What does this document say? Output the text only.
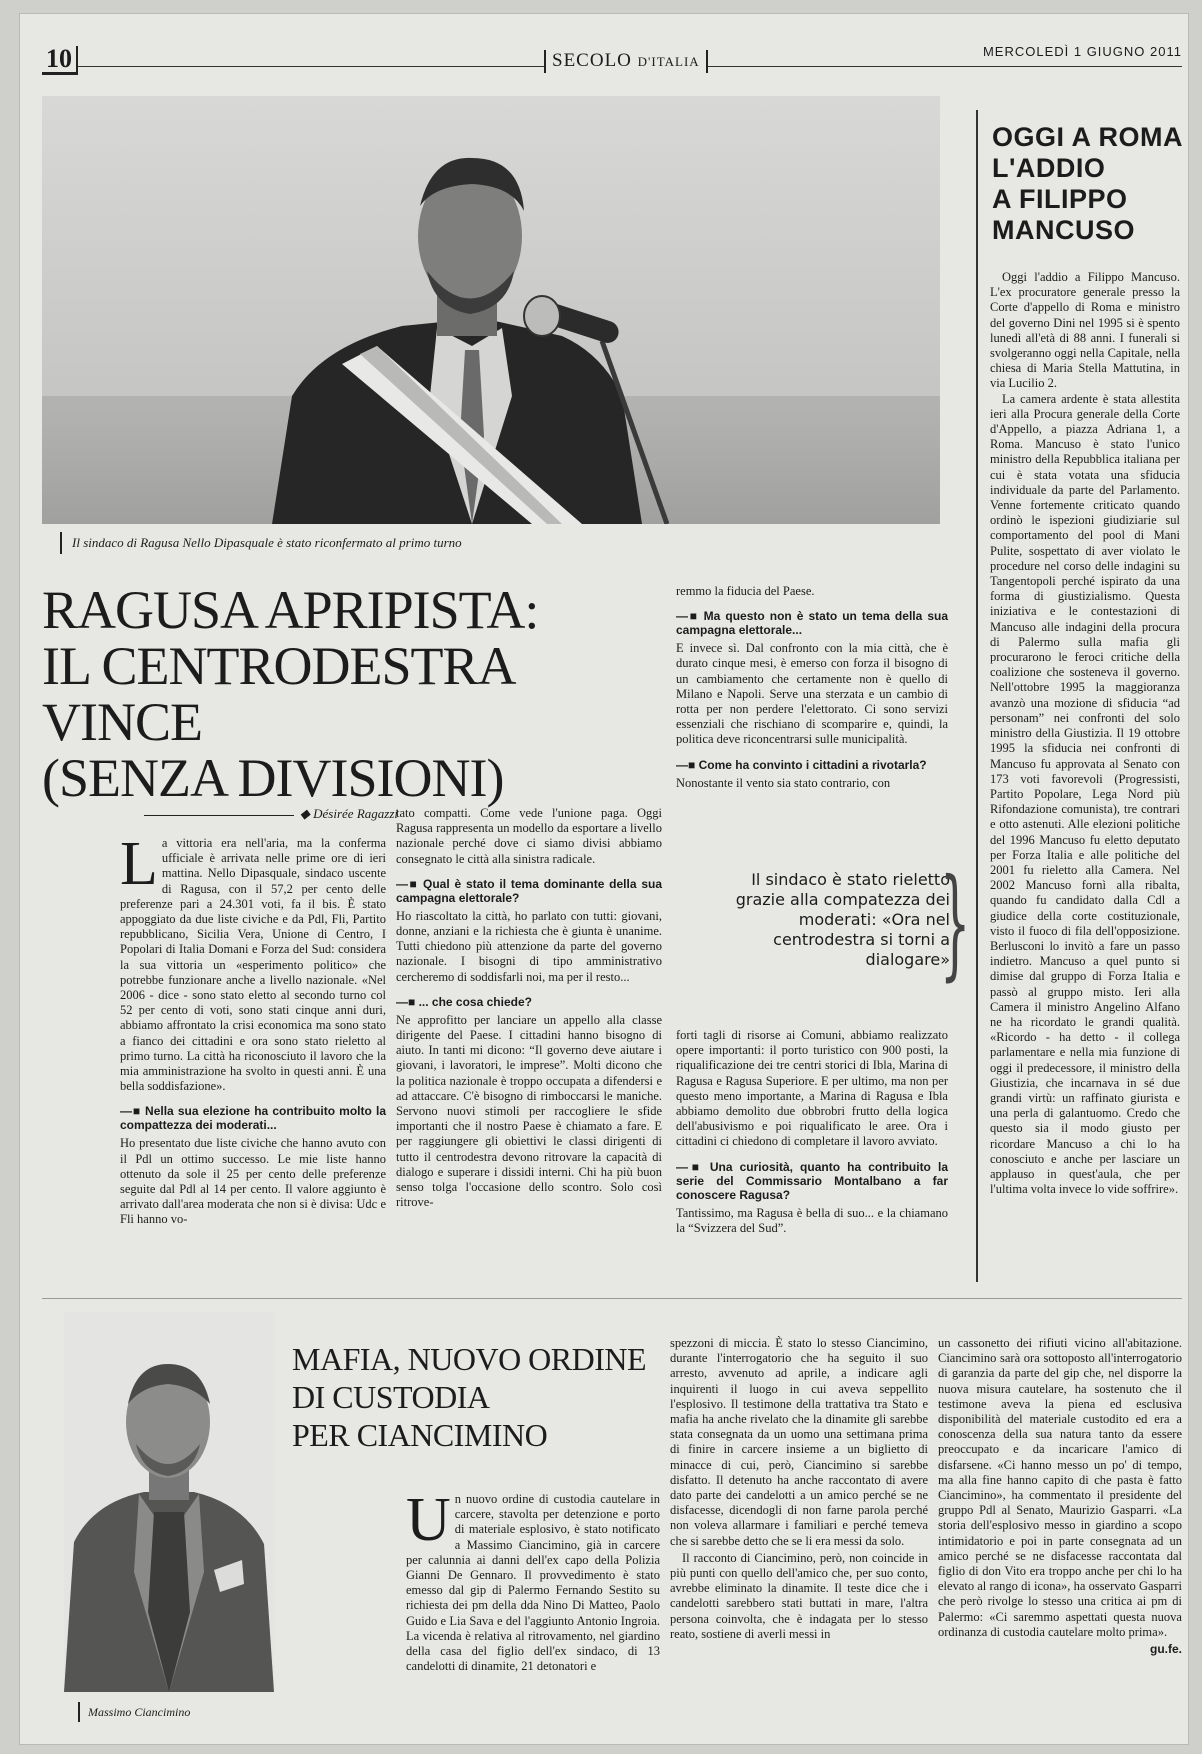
10	SECOLO D'ITALIA
MERCOLEDÌ 1 GIUGNO 2011
Il sindaco di Ragusa Nello Dipasquale è stato riconfermato al primo turno
RAGUSA APRIPISTA:
IL CENTRODESTRA VINCE
(SENZA DIVISIONI)
◆ Désirée Ragazzi

La vittoria era nell'aria, ma la conferma ufficiale è arrivata nelle prime ore di ieri mattina. Nello Dipasquale, sindaco uscente di Ragusa, con il 57,2 per cento delle preferenze pari a 24.301 voti, fa il bis. È stato appoggiato da due liste civiche e da Pdl, Fli, Partito repubblicano, Sicilia Vera, Unione di Centro, I Popolari di Italia Domani e Forza del Sud: considera la sua vittoria un «esperimento politico» che potrebbe funzionare anche a livello nazionale. «Nel 2006 - dice - sono stato eletto al secondo turno col 52 per cento di voti, sono stati cinque anni duri, abbiamo affrontato la crisi economica ma sono stato a fianco dei cittadini e ora sono stato rieletto al primo turno. La città ha riconosciuto il lavoro che la mia amministrazione ha svolto in questi anni. È una bella soddisfazione».

—■ Nella sua elezione ha contribuito molto la compattezza dei moderati...

Ho presentato due liste civiche che hanno avuto con il Pdl un ottimo successo. Le mie liste hanno ottenuto da sole il 25 per cento delle preferenze seguite dal Pdl al 14 per cento. Il valore aggiunto è arrivato dall'area moderata che non si è divisa: Udc e Fli hanno vo-

tato compatti. Come vede l'unione paga. Oggi Ragusa rappresenta un modello da esportare a livello nazionale perché dove ci siamo divisi abbiamo consegnato le città alla sinistra radicale.

—■ Qual è stato il tema dominante della sua campagna elettorale?

Ho riascoltato la città, ho parlato con tutti: giovani, donne, anziani e la richiesta che è giunta è unanime. Tutti chiedono più attenzione da parte del governo nazionale. I bisogni di tipo amministrativo cercheremo di soddisfarli noi, ma per il resto...

—■ ... che cosa chiede?

Ne approfitto per lanciare un appello alla classe dirigente del Paese. I cittadini hanno bisogno di aiuto. In tanti mi dicono: “Il governo deve aiutare i giovani, i lavoratori, le imprese”. Molti dicono che la politica nazionale è troppo occupata a difendersi e ad attaccare. C'è bisogno di rimboccarsi le maniche. Servono nuovi stimoli per raccogliere le sfide importanti che il nostro Paese è chiamato a fare. E per raggiungere gli obiettivi le classi dirigenti di tutto il centrodestra devono ritrovare la capacità di dialogo e superare i dissidi interni. Chi ha più buon senso tolga l'occasione dello scontro. Solo così ritrove-

remmo la fiducia del Paese.

—■ Ma questo non è stato un tema della sua campagna elettorale...

E invece sì. Dal confronto con la mia città, che è durato cinque mesi, è emerso con forza il bisogno di un cambiamento che certamente non è quello di Milano e Napoli. Serve una sterzata e un cambio di rotta per non perdere l'elettorato. Ci sono servizi essenziali che rischiano di scomparire e, quindi, la politica deve riconcentrarsi sulle municipalità.

—■ Come ha convinto i cittadini a rivotarla?

Nonostante il vento sia stato contrario, con

Il sindaco è stato rieletto grazie alla compatezza dei moderati: «Ora nel centrodestra si torni a dialogare»
}

forti tagli di risorse ai Comuni, abbiamo realizzato opere importanti: il porto turistico con 900 posti, la riqualificazione dei tre centri storici di Ibla, Marina di Ragusa e Ragusa Superiore. E per ultimo, ma non per questo meno importante, a Marina di Ragusa e Ibla abbiamo demolito due obbrobri frutto della logica dell'abusivismo e poi riqualificato le aree. Ora i cittadini ci chiedono di completare il lavoro avviato.

—■ Una curiosità, quanto ha contribuito la serie del Commissario Montalbano a far conoscere Ragusa?

Tantissimo, ma Ragusa è bella di suo... e la chiamano la “Svizzera del Sud”.

OGGI A ROMA
L'ADDIO
A FILIPPO
MANCUSO

Oggi l'addio a Filippo Mancuso. L'ex procuratore generale presso la Corte d'appello di Roma e ministro del governo Dini nel 1995 si è spento lunedì all'età di 88 anni. I funerali si svolgeranno oggi nella Capitale, nella chiesa di Maria Stella Mattutina, in via Lucilio 2.

La camera ardente è stata allestita ieri alla Procura generale della Corte d'Appello, a piazza Adriana 1, a Roma. Mancuso è stato l'unico ministro della Repubblica italiana per cui è stata votata una sfiducia individuale da parte del Parlamento. Venne fortemente criticato quando ordinò le ispezioni giudiziarie sul comportamento del pool di Mani Pulite, sospettato di aver violato le procedure nel corso delle indagini su Tangentopoli perché ispirato da una forma di giustizialismo. Questa iniziativa e le contestazioni di Mancuso alle indagini della procura di Palermo sulla mafia gli procurarono le feroci critiche della coalizione che sosteneva il governo. Nell'ottobre 1995 la maggioranza avanzò una mozione di sfiducia “ad personam” nei confronti del solo ministro della Giustizia. Il 19 ottobre 1995 la sfiducia nei confronti di Mancuso fu approvata al Senato con 173 voti favorevoli (Progressisti, Partito Popolare, Lega Nord più Rifondazione comunista), tre contrari e otto astenuti. Alle elezioni politiche del 1996 Mancuso fu eletto deputato per Forza Italia e alle politiche del 2001 fu rieletto alla Camera. Nel 2002 Mancuso fornì alla ribalta, quando fu candidato dalla Cdl a giudice della corte costituzionale, visto il fuoco di fila dell'opposizione. Berlusconi lo invitò a fare un passo indietro. Mancuso a quel punto si dimise dal gruppo di Forza Italia e passò al gruppo misto. Ieri alla Camera il ministro Angelino Alfano ne ha ricordato le grandi qualità. «Ricordo - ha detto - il collega parlamentare e nella mia funzione di oggi il predecessore, il ministro della Giustizia, che incarnava in sé due grandi virtù: un raffinato giurista e una perla di galantuomo. Credo che questo sia il modo giusto per ricordare Mancuso a chi lo ha conosciuto e anche per lasciare un applauso in quest'aula, che per l'ultima volta invece lo vide soffrire».

Massimo Ciancimino
MAFIA, NUOVO ORDINE
DI CUSTODIA
PER CIANCIMINO

Un nuovo ordine di custodia cautelare in carcere, stavolta per detenzione e porto di materiale esplosivo, è stato notificato a Massimo Ciancimino, già in carcere per calunnia ai danni dell'ex capo della Polizia Gianni De Gennaro. Il provvedimento è stato emesso dal gip di Palermo Fernando Sestito su richiesta dei pm della dda Nino Di Matteo, Paolo Guido e Lia Sava e del l'aggiunto Antonio Ingroia. La vicenda è relativa al ritrovamento, nel giardino della casa del figlio dell'ex sindaco, di 13 candelotti di dinamite, 21 detonatori e

spezzoni di miccia. È stato lo stesso Ciancimino, durante l'interrogatorio che ha seguito il suo arresto, avvenuto ad aprile, a indicare agli inquirenti il luogo in cui aveva seppellito l'esplosivo. Il testimone della trattativa tra Stato e mafia ha anche rivelato che la dinamite gli sarebbe stata consegnata da un uomo una settimana prima di finire in carcere insieme a un biglietto di minacce di cui, però, Ciancimino si sarebbe disfatto. Il detenuto ha anche raccontato di avere dato parte dei candelotti a un amico perché se ne disfacesse, dicendogli di non farne parola perché non voleva allarmare i familiari e perché temeva che si sarebbe detto che se li era messi da solo.

Il racconto di Ciancimino, però, non coincide in più punti con quello dell'amico che, per suo conto, avrebbe eliminato la dinamite. Il teste dice che i candelotti sarebbero stati buttati in mare, l'altra persona coinvolta, che è indagata per lo stesso reato, sostiene di averli messi in

un cassonetto dei rifiuti vicino all'abitazione. Ciancimino sarà ora sottoposto all'interrogatorio di garanzia da parte del gip che, nel disporre la nuova misura cautelare, ha sostenuto che il testimone aveva la piena ed esclusiva disponibilità del materiale custodito ed era a conoscenza della sua natura tanto da essere preoccupato e da incaricare l'amico di disfarsene. «Ci hanno messo un po' di tempo, ma alla fine hanno capito di che pasta è fatto Ciancimino», ha commentato il presidente del gruppo Pdl al Senato, Maurizio Gasparri. «La storia dell'esplosivo messo in giardino a scopo intimidatorio e poi in parte consegnata ad un amico perché se ne disfacesse raccontata dal figlio di don Vito era troppo anche per chi lo ha elevato al rango di icona», ha osservato Gasparri che però rivolge lo stesso una critica ai pm di Palermo: «Ci saremmo aspettati questa nuova ordinanza di custodia cautelare molto prima».

gu.fe.
